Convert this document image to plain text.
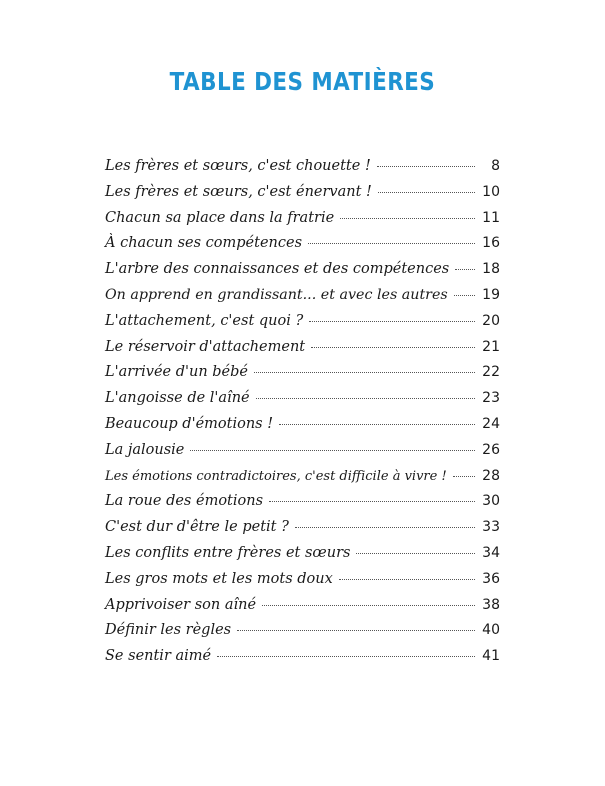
TABLE DES MATIÈRES
Les frères et sœurs, c'est chouette !	8
Les frères et sœurs, c'est énervant !	10
Chacun sa place dans la fratrie	11
À chacun ses compétences	16
L'arbre des connaissances et des compétences 18
On apprend en grandissant... et avec les autres 19
L'attachement, c'est quoi ?	20
Le réservoir d'attachement	21
L'arrivée d'un bébé	22
L'angoisse de l'aîné	23
Beaucoup d'émotions !	24
La jalousie	26
Les émotions contradictoires, c'est difficile à vivre !	28
La roue des émotions	30
C'est dur d'être le petit ?	33
Les conflits entre frères et sœurs	34
Les gros mots et les mots doux	36
Apprivoiser son aîné	38
Définir les règles	40
Se sentir aimé	41
